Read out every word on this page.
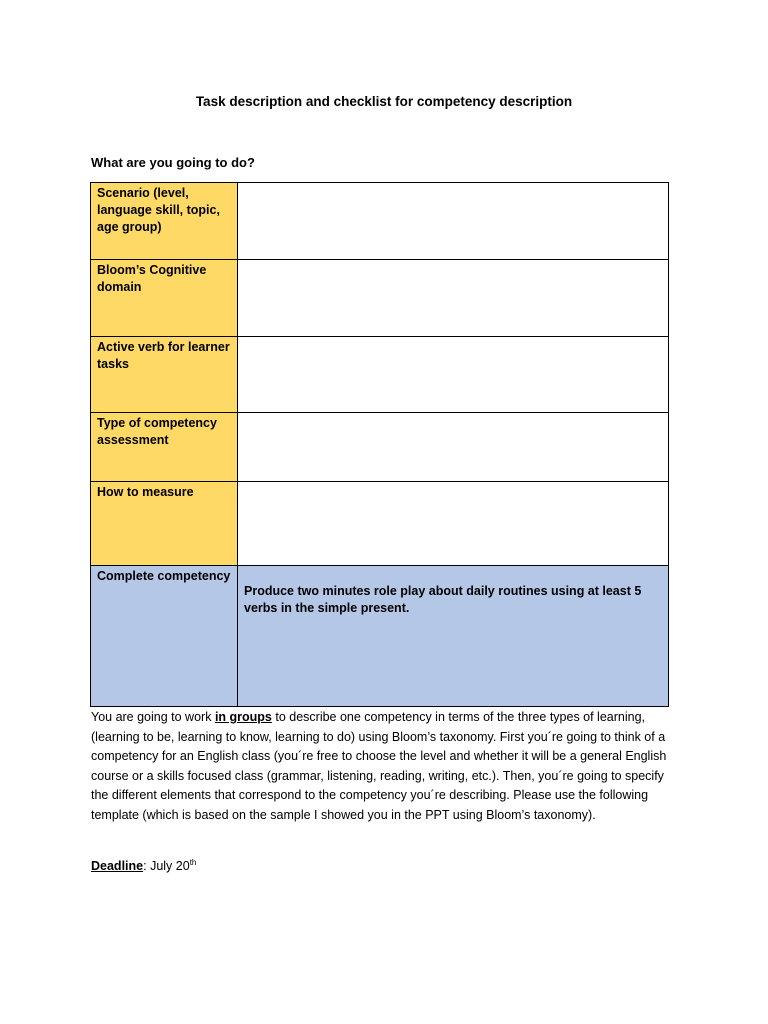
Task description and checklist for competency description
What are you going to do?
Scenario (level, language skill, topic, age group)	

Bloom’s Cognitive domain	

Active verb for learner tasks	

Type of competency assessment	

How to measure	

Complete competency	Produce two minutes role play about daily routines using at least 5 verbs in the simple present.
You are going to work in groups to describe one competency in terms of the three types of learning, (learning to be, learning to know, learning to do) using Bloom’s taxonomy. First you´re going to think of a competency for an English class (you´re free to choose the level and whether it will be a general English course or a skills focused class (grammar, listening, reading, writing, etc.). Then, you´re going to specify the different elements that correspond to the competency you´re describing. Please use the following template (which is based on the sample I showed you in the PPT using Bloom’s taxonomy).
Deadline: July 20th
